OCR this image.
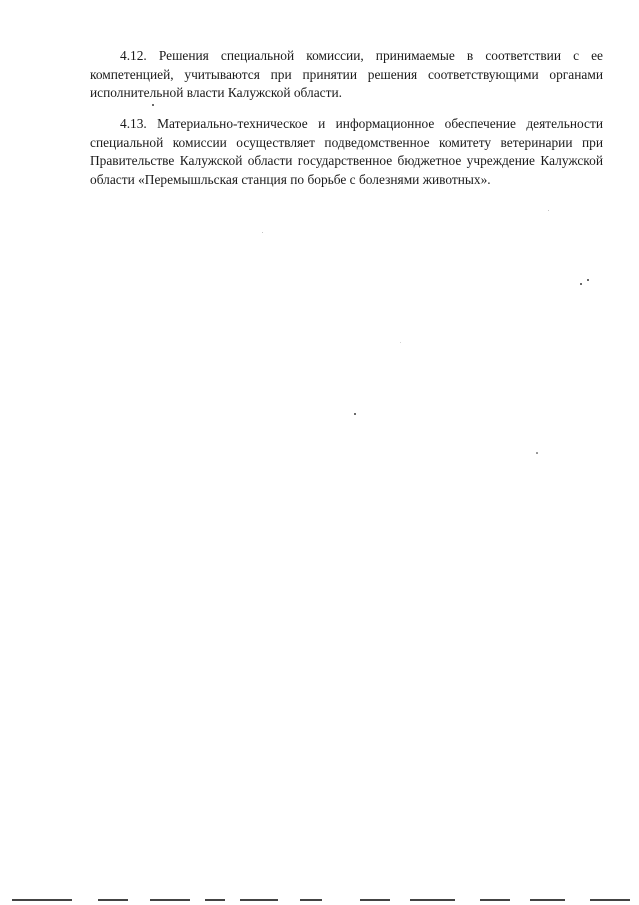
4.12. Решения специальной комиссии, принимаемые в соответствии с ее компетенцией, учитываются при принятии решения соответствующими органами исполнительной власти Калужской области.

4.13. Материально-техническое и информационное обеспечение деятельности специальной комиссии осуществляет подведомственное комитету ветеринарии при Правительстве Калужской области государственное бюджетное учреждение Калужской области «Перемышльская станция по борьбе с болезнями животных».
